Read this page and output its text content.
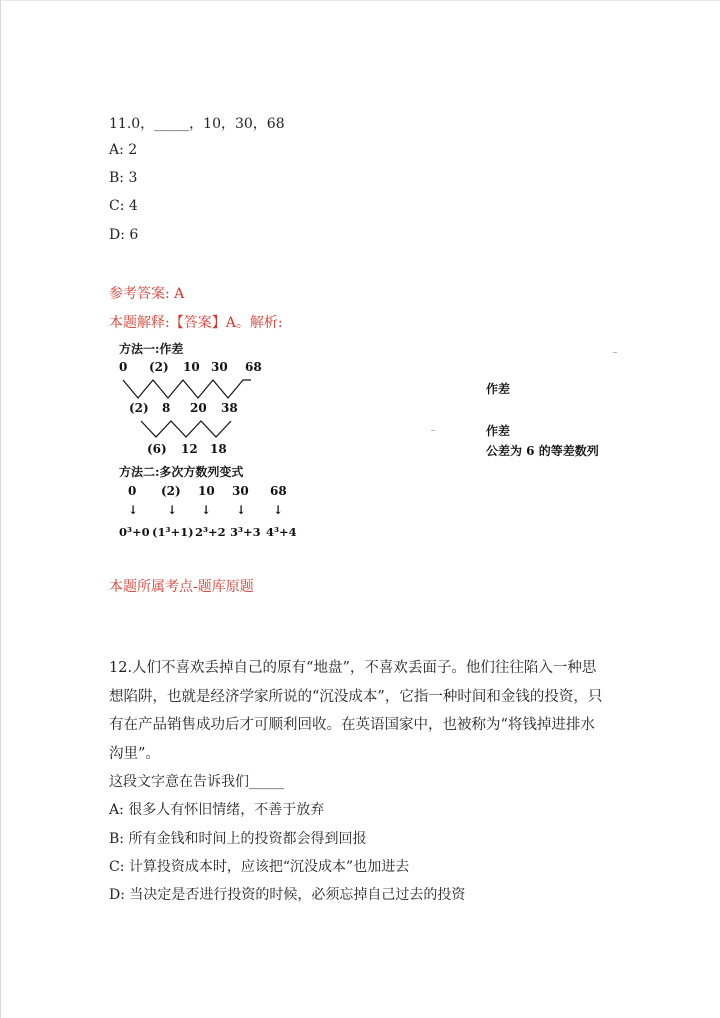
11.0，_____，10，30，68
A: 2
B: 3
C: 4
D: 6
参考答案: A
本题解释:【答案】A。解析:
方法一:作差
0 (2) 10 30 68
(2) 8 20 38
(6) 12 18
方法二:多次方数列变式
0 (2) 10 30 68
↓ ↓ ↓ ↓ ↓
0³+0 (1³+1) 2³+2 3³+3 4³+4
作差
作差
公差为 6 的等差数列
本题所属考点-题库原题
12.人们不喜欢丢掉自己的原有“地盘”，不喜欢丢面子。他们往往陷入一种思想陷阱，也就是经济学家所说的“沉没成本”，它指一种时间和金钱的投资，只有在产品销售成功后才可顺利回收。在英语国家中，也被称为“将钱掉进排水沟里”。
这段文字意在告诉我们_____
A: 很多人有怀旧情绪，不善于放弃
B: 所有金钱和时间上的投资都会得到回报
C: 计算投资成本时，应该把“沉没成本”也加进去
D: 当决定是否进行投资的时候，必须忘掉自己过去的投资
